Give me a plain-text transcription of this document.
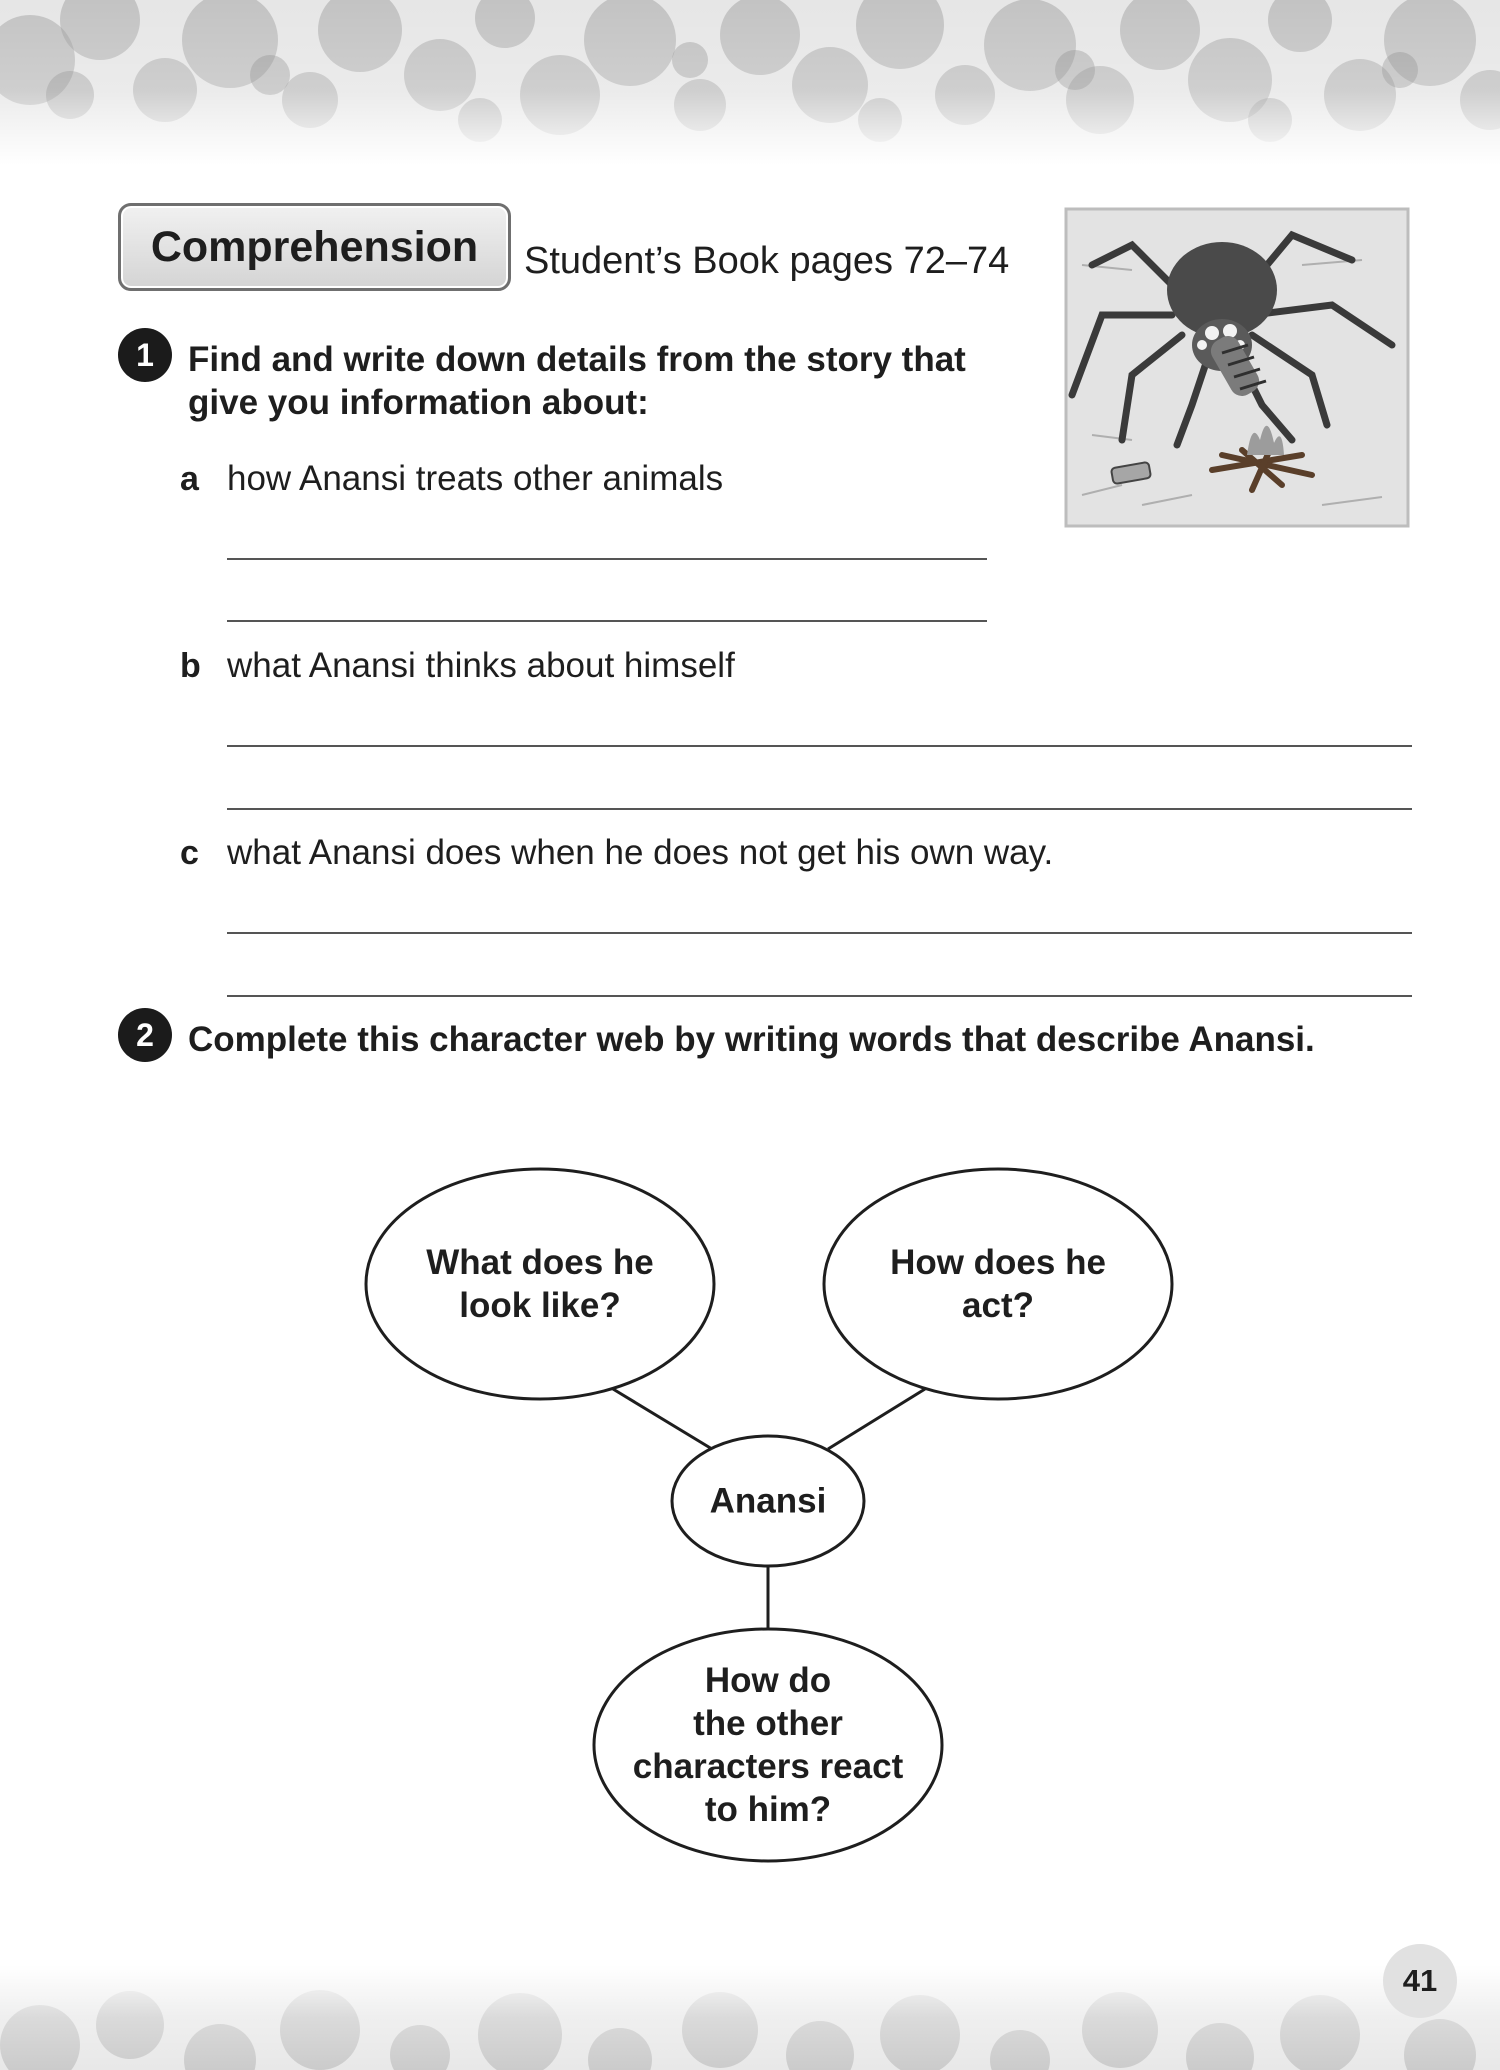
Comprehension	Student’s Book pages 72–74
1 Find and write down details from the story that
give you information about:
a how Anansi treats other animals
b what Anansi thinks about himself
c what Anansi does when he does not get his own way.
2 Complete this character web by writing words that describe Anansi.
What does he
look like?
How does he
act?
Anansi
How do
the other
characters react
to him?
41
